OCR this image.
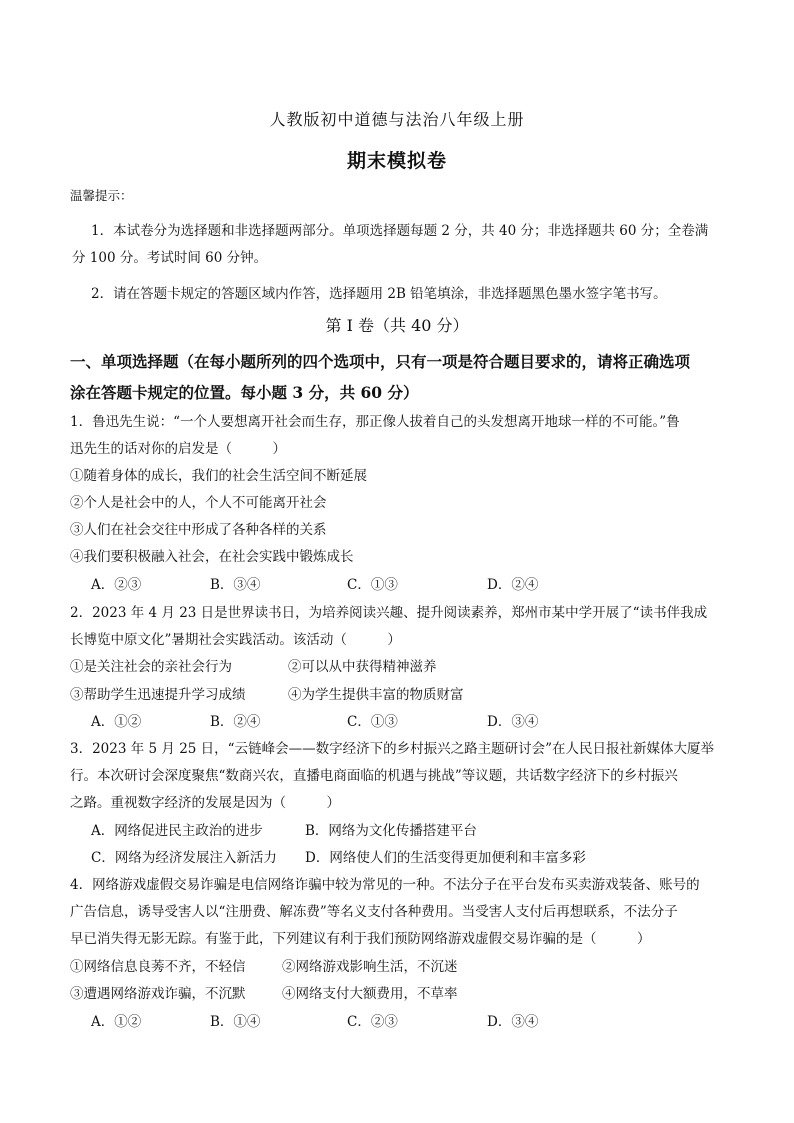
人教版初中道德与法治八年级上册
期末模拟卷
温馨提示：
1．本试卷分为选择题和非选择题两部分。单项选择题每题 2 分，共 40 分；非选择题共 60 分；全卷满
分 100 分。考试时间 60 分钟。
2．请在答题卡规定的答题区域内作答，选择题用 2B 铅笔填涂，非选择题黑色墨水签字笔书写。
第 Ⅰ 卷（共 40 分）
一、单项选择题（在每小题所列的四个选项中，只有一项是符合题目要求的，请将正确选项
涂在答题卡规定的位置。每小题 3 分，共 60 分）
1．鲁迅先生说：“一个人要想离开社会而生存，那正像人拔着自己的头发想离开地球一样的不可能。”鲁
迅先生的话对你的启发是（　　　）
①随着身体的成长，我们的社会生活空间不断延展
②个人是社会中的人，个人不可能离开社会
③人们在社会交往中形成了各种各样的关系
④我们要积极融入社会，在社会实践中锻炼成长
A．②③	B．③④	C．①③	D．②④
2．2023 年 4 月 23 日是世界读书日，为培养阅读兴趣、提升阅读素养，郑州市某中学开展了“读书伴我成
长博览中原文化”暑期社会实践活动。该活动（　　　）
①是关注社会的亲社会行为	②可以从中获得精神滋养
③帮助学生迅速提升学习成绩	④为学生提供丰富的物质财富
A．①②	B．②④	C．①③	D．③④
3．2023 年 5 月 25 日，“云链峰会——数字经济下的乡村振兴之路主题研讨会”在人民日报社新媒体大厦举
行。本次研讨会深度聚焦“数商兴农，直播电商面临的机遇与挑战”等议题，共话数字经济下的乡村振兴
之路。重视数字经济的发展是因为（　　　）
A．网络促进民主政治的进步	B．网络为文化传播搭建平台
C．网络为经济发展注入新活力 D．网络使人们的生活变得更加便利和丰富多彩
4．网络游戏虚假交易诈骗是电信网络诈骗中较为常见的一种。不法分子在平台发布买卖游戏装备、账号的
广告信息，诱导受害人以“注册费、解冻费”等名义支付各种费用。当受害人支付后再想联系，不法分子
早已消失得无影无踪。有鉴于此，下列建议有利于我们预防网络游戏虚假交易诈骗的是（　　　）
①网络信息良莠不齐，不轻信	②网络游戏影响生活，不沉迷
③遭遇网络游戏诈骗，不沉默	④网络支付大额费用，不草率
A．①②	B．①④	C．②③	D．③④
